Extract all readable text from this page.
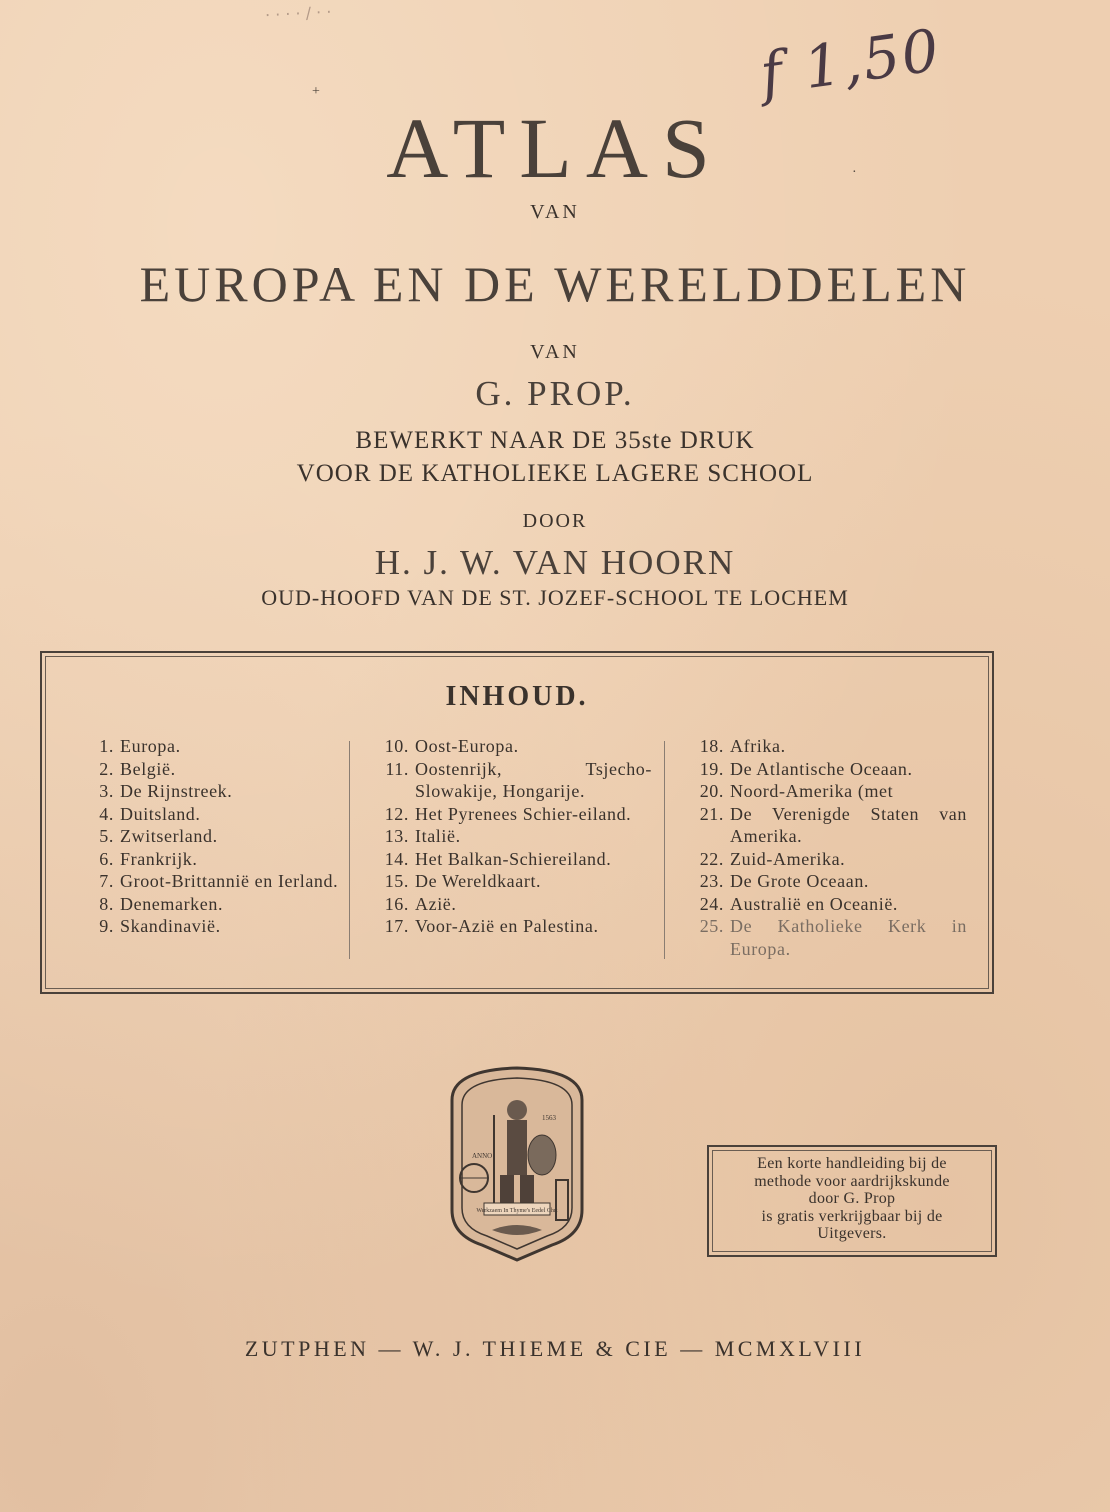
· · · · / · ·
f 1,50
+
·
ATLAS
VAN
EUROPA EN DE WERELDDELEN
VAN
G. PROP.
BEWERKT NAAR DE 35ste DRUK
VOOR DE KATHOLIEKE LAGERE SCHOOL
DOOR
H. J. W. VAN HOORN
OUD-HOOFD VAN DE ST. JOZEF-SCHOOL TE LOCHEM
INHOUD.
1. Europa.
2. België.
3. De Rijnstreek.
4. Duitsland.
5. Zwitserland.
6. Frankrijk.
7. Groot-Brittannië en Ierland.
8. Denemarken.
9. Skandinavië.
10. Oost-Europa.
11. Oostenrijk, Tsjecho-Slowakije, Hongarije.
12. Het Pyrenees Schier-eiland.
13. Italië.
14. Het Balkan-Schiereiland.
15. De Wereldkaart.
16. Azië.
17. Voor-Azië en Palestina.
18. Afrika.
19. De Atlantische Oceaan.
20. Noord-Amerika (met
21. De Verenigde Staten van Amerika.
22. Zuid-Amerika.
23. De Grote Oceaan.
24. Australië en Oceanië.
25. De Katholieke Kerk in Europa.
Werkzaem In Thyme's Eedel Chrt
ANNO
1563
Een korte handleiding bij de
methode voor aardrijkskunde
door G. Prop
is gratis verkrijgbaar bij de
Uitgevers.
ZUTPHEN — W. J. THIEME & CIE — MCMXLVIII
